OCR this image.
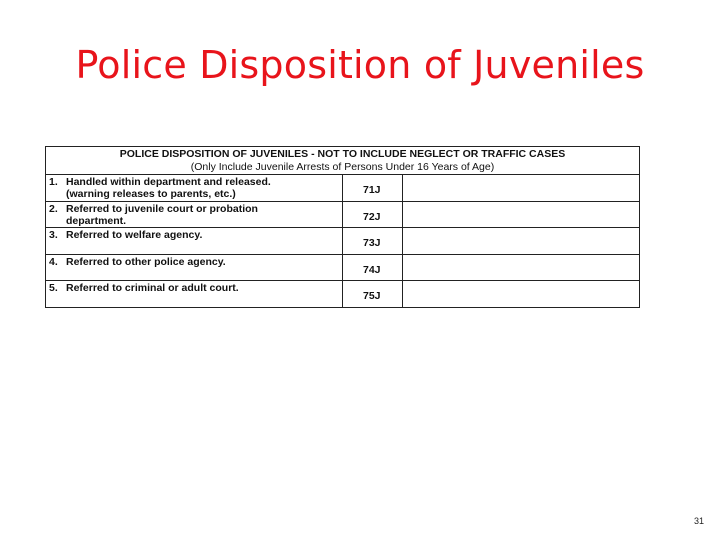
Police Disposition of Juveniles
POLICE DISPOSITION OF JUVENILES - NOT TO INCLUDE NEGLECT OR TRAFFIC CASES
(Only Include Juvenile Arrests of Persons Under 16 Years of Age)
1. Handled within department and released.
(warning releases to parents, etc.)	71J
2. Referred to juvenile court or probation
department.	72J
3. Referred to welfare agency.
73J
4. Referred to other police agency.
74J
5. Referred to criminal or adult court.
75J
31
